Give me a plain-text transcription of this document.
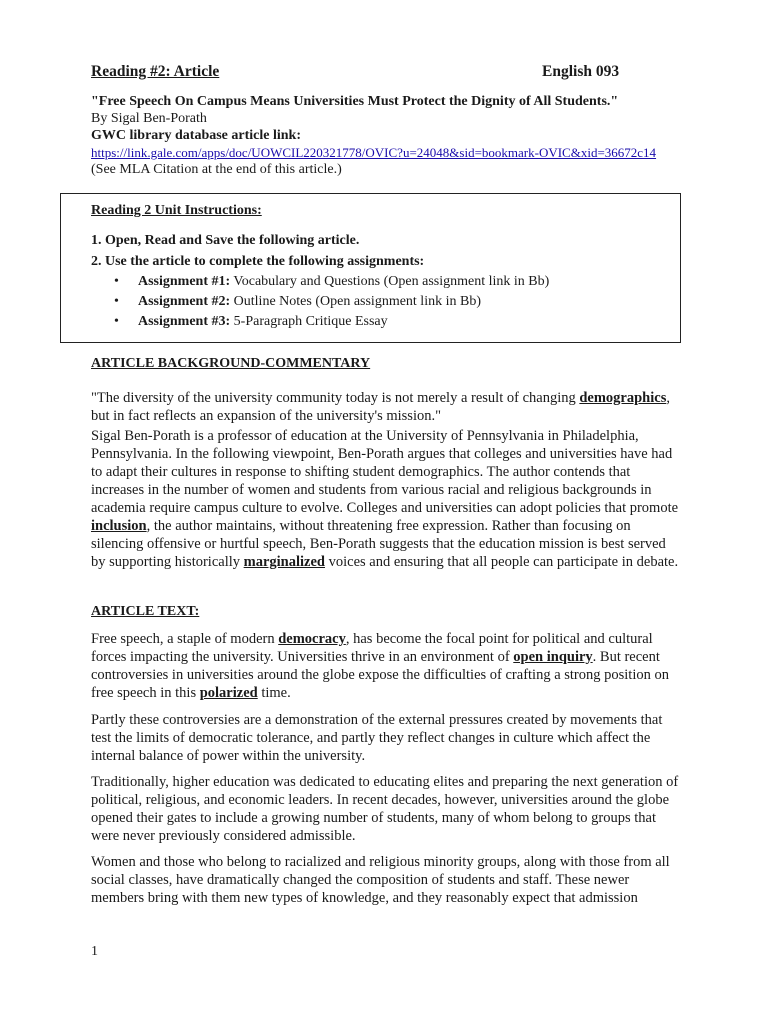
Reading #2: Article	English 093

"Free Speech On Campus Means Universities Must Protect the Dignity of All Students."

By Sigal Ben-Porath

GWC library database article link:

https://link.gale.com/apps/doc/UOWCIL220321778/OVIC?u=24048&sid=bookmark-OVIC&xid=36672c14

(See MLA Citation at the end of this article.)

Reading 2 Unit Instructions:

1. Open, Read and Save the following article.

2. Use the article to complete the following assignments:

• Assignment #1: Vocabulary and Questions (Open assignment link in Bb)

• Assignment #2: Outline Notes (Open assignment link in Bb)

• Assignment #3: 5-Paragraph Critique Essay

ARTICLE BACKGROUND-COMMENTARY

"The diversity of the university community today is not merely a result of changing demographics, but in fact reflects an expansion of the university's mission."

Sigal Ben-Porath is a professor of education at the University of Pennsylvania in Philadelphia, Pennsylvania. In the following viewpoint, Ben-Porath argues that colleges and universities have had to adapt their cultures in response to shifting student demographics. The author contends that increases in the number of women and students from various racial and religious backgrounds in academia require campus culture to evolve. Colleges and universities can adopt policies that promote inclusion, the author maintains, without threatening free expression. Rather than focusing on silencing offensive or hurtful speech, Ben-Porath suggests that the education mission is best served by supporting historically marginalized voices and ensuring that all people can participate in debate.

ARTICLE TEXT:

Free speech, a staple of modern democracy, has become the focal point for political and cultural forces impacting the university. Universities thrive in an environment of open inquiry. But recent controversies in universities around the globe expose the difficulties of crafting a strong position on free speech in this polarized time.

Partly these controversies are a demonstration of the external pressures created by movements that test the limits of democratic tolerance, and partly they reflect changes in culture which affect the internal balance of power within the university.

Traditionally, higher education was dedicated to educating elites and preparing the next generation of political, religious, and economic leaders. In recent decades, however, universities around the globe opened their gates to include a growing number of students, many of whom belong to groups that were never previously considered admissible.

Women and those who belong to racialized and religious minority groups, along with those from all social classes, have dramatically changed the composition of students and staff. These newer members bring with them new types of knowledge, and they reasonably expect that admission

1
